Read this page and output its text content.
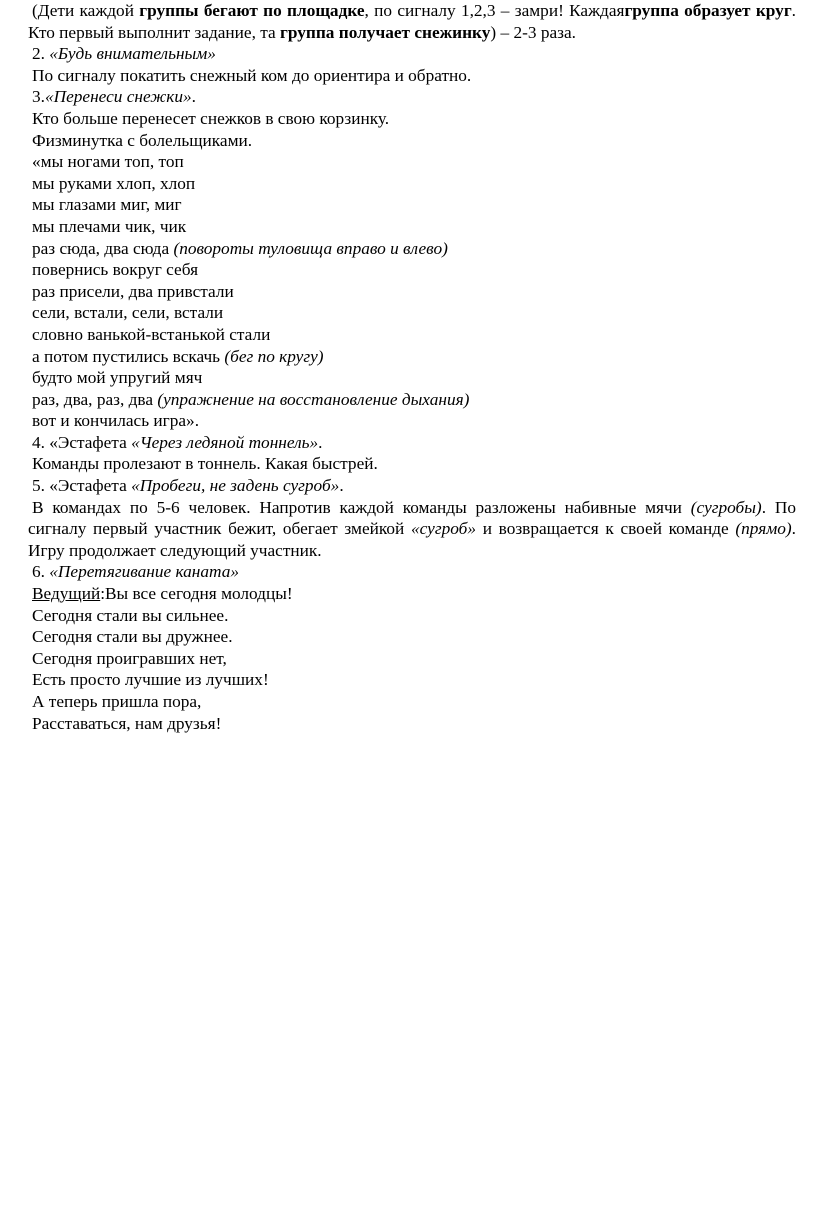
(Дети каждой группы бегают по площадке, по сигналу 1,2,3 – замри! Каждаягруппа образует круг. Кто первый выполнит задание, та группа получает снежинку) – 2-3 раза.

2. «Будь внимательным»

По сигналу покатить снежный ком до ориентира и обратно.

3.«Перенеси снежки».

Кто больше перенесет снежков в свою корзинку.

Физминутка с болельщиками.

«мы ногами топ, топ

мы руками хлоп, хлоп

мы глазами миг, миг

мы плечами чик, чик

раз сюда, два сюда (повороты туловища вправо и влево)

повернись вокруг себя

раз присели, два привстали

сели, встали, сели, встали

словно ванькой-встанькой стали

а потом пустились вскачь (бег по кругу)

будто мой упругий мяч

раз, два, раз, два (упражнение на восстановление дыхания)

вот и кончилась игра».

4. «Эстафета «Через ледяной тоннель».

Команды пролезают в тоннель. Какая быстрей.

5. «Эстафета «Пробеги, не задень сугроб».

В командах по 5-6 человек. Напротив каждой команды разложены набивные мячи (сугробы). По сигналу первый участник бежит, обегает змейкой «сугроб» и возвращается к своей команде (прямо). Игру продолжает следующий участник.

6. «Перетягивание каната»

Ведущий:Вы все сегодня молодцы!

Сегодня стали вы сильнее.

Сегодня стали вы дружнее.

Сегодня проигравших нет,

Есть просто лучшие из лучших!

А теперь пришла пора,

Расставаться, нам друзья!
